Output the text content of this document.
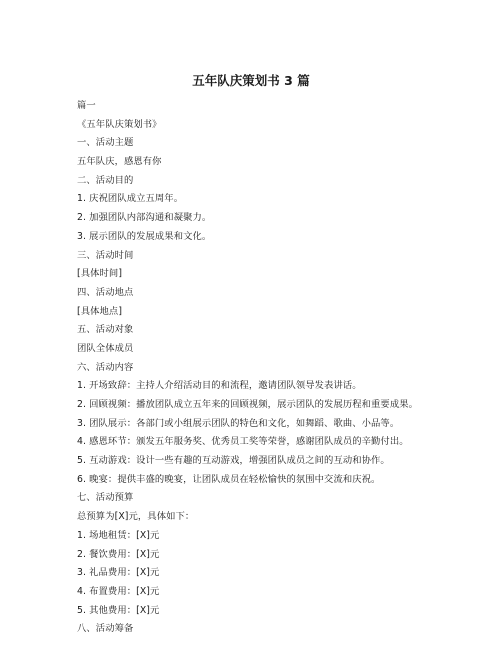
五年队庆策划书 3 篇
篇一
《五年队庆策划书》
一、活动主题
五年队庆，感恩有你
二、活动目的
1. 庆祝团队成立五周年。
2. 加强团队内部沟通和凝聚力。
3. 展示团队的发展成果和文化。
三、活动时间
[具体时间]
四、活动地点
[具体地点]
五、活动对象
团队全体成员
六、活动内容
1. 开场致辞：主持人介绍活动目的和流程，邀请团队领导发表讲话。
2. 回顾视频：播放团队成立五年来的回顾视频，展示团队的发展历程和重要成果。
3. 团队展示：各部门或小组展示团队的特色和文化，如舞蹈、歌曲、小品等。
4. 感恩环节：颁发五年服务奖、优秀员工奖等荣誉，感谢团队成员的辛勤付出。
5. 互动游戏：设计一些有趣的互动游戏，增强团队成员之间的互动和协作。
6. 晚宴：提供丰盛的晚宴，让团队成员在轻松愉快的氛围中交流和庆祝。
七、活动预算
总预算为[X]元，具体如下：
1. 场地租赁：[X]元
2. 餐饮费用：[X]元
3. 礼品费用：[X]元
4. 布置费用：[X]元
5. 其他费用：[X]元
八、活动筹备
